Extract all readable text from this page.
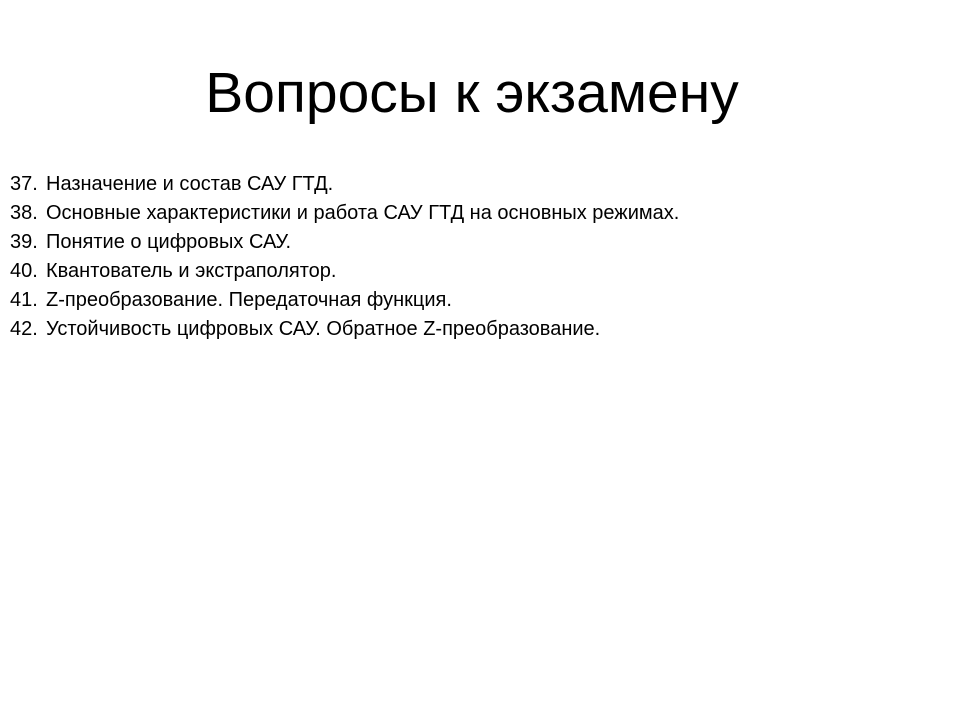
Вопросы к экзамену
37. Назначение и состав САУ ГТД.
38. Основные характеристики и работа САУ ГТД на основных режимах.
39. Понятие о цифровых САУ.
40. Квантователь и экстраполятор.
41. Z-преобразование. Передаточная функция.
42. Устойчивость цифровых САУ. Обратное Z-преобразование.
